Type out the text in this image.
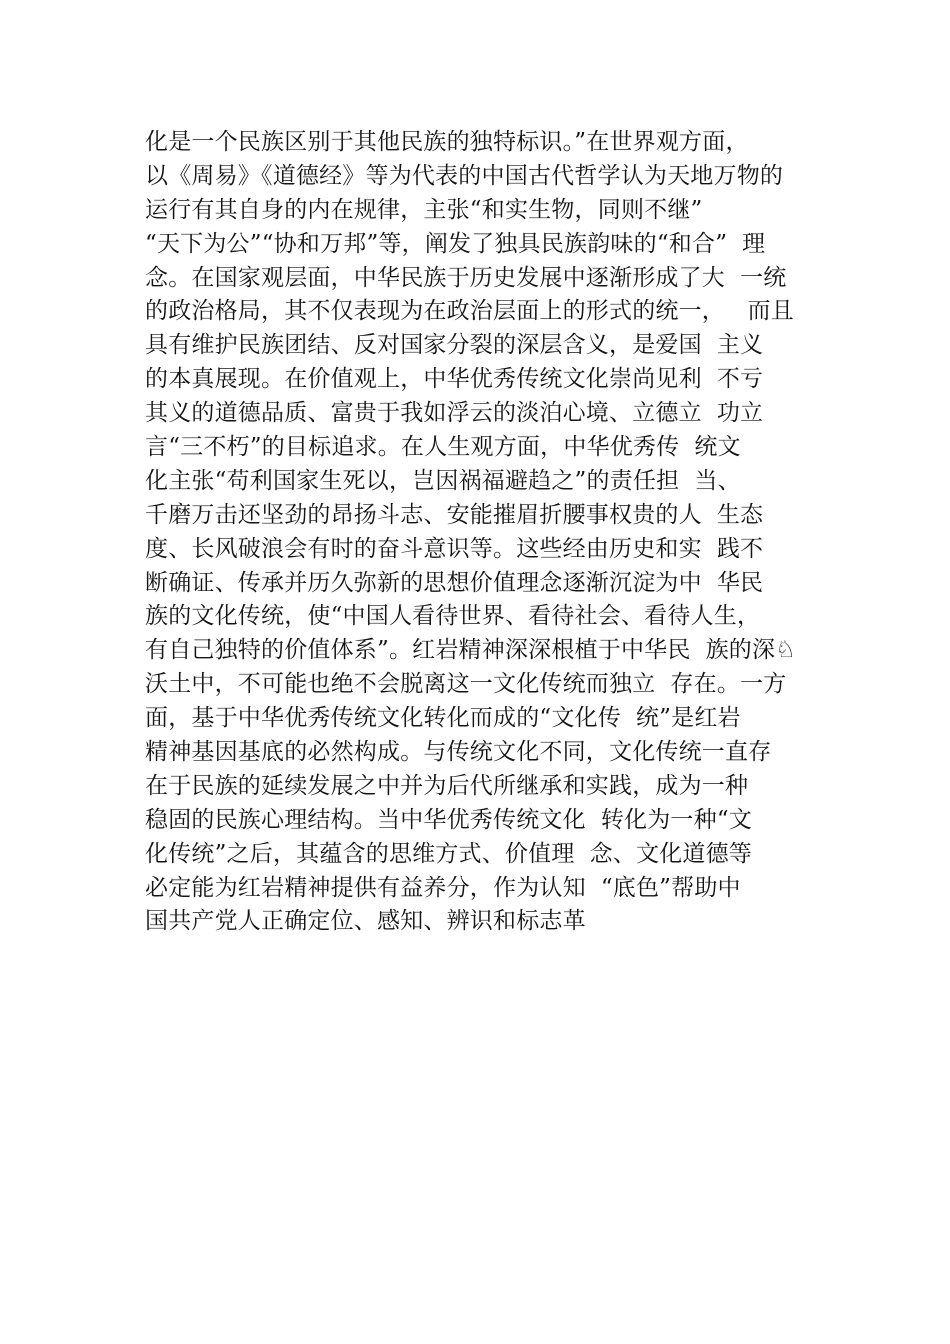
化是一个民族区别于其他民族的独特标识。”在世界观方面，
以《周易》《道德经》等为代表的中国古代哲学认为天地万物的
运行有其自身的内在规律，主张“和实生物，同则不继”
“天下为公”“协和万邦”等，阐发了独具民族韵味的“和合”  理
念。在国家观层面，中华民族于历史发展中逐渐形成了大  一统
的政治格局，其不仅表现为在政治层面上的形式的统一，   而且
具有维护民族团结、反对国家分裂的深层含义，是爱国  主义
的本真展现。在价值观上，中华优秀传统文化崇尚见利  不亏
其义的道德品质、富贵于我如浮云的淡泊心境、立德立  功立
言“三不朽”的目标追求。在人生观方面，中华优秀传  统文
化主张“苟利国家生死以，岂因祸福避趋之”的责任担  当、
千磨万击还坚劲的昂扬斗志、安能摧眉折腰事权贵的人  生态
度、长风破浪会有时的奋斗意识等。这些经由历史和实  践不
断确证、传承并历久弥新的思想价值理念逐渐沉淀为中  华民
族的文化传统，使“中国人看待世界、看待社会、看待人生，
有自己独特的价值体系”。红岩精神深深根植于中华民  族的深♘
沃土中，不可能也绝不会脱离这一文化传统而独立  存在。一方
面，基于中华优秀传统文化转化而成的“文化传  统”是红岩
精神基因基底的必然构成。与传统文化不同，文化传统一直存
在于民族的延续发展之中并为后代所继承和实践，成为一种
稳固的民族心理结构。当中华优秀传统文化  转化为一种“文
化传统”之后，其蕴含的思维方式、价值理  念、文化道德等
必定能为红岩精神提供有益养分，作为认知  “底色”帮助中
国共产党人正确定位、感知、辨识和标志革
